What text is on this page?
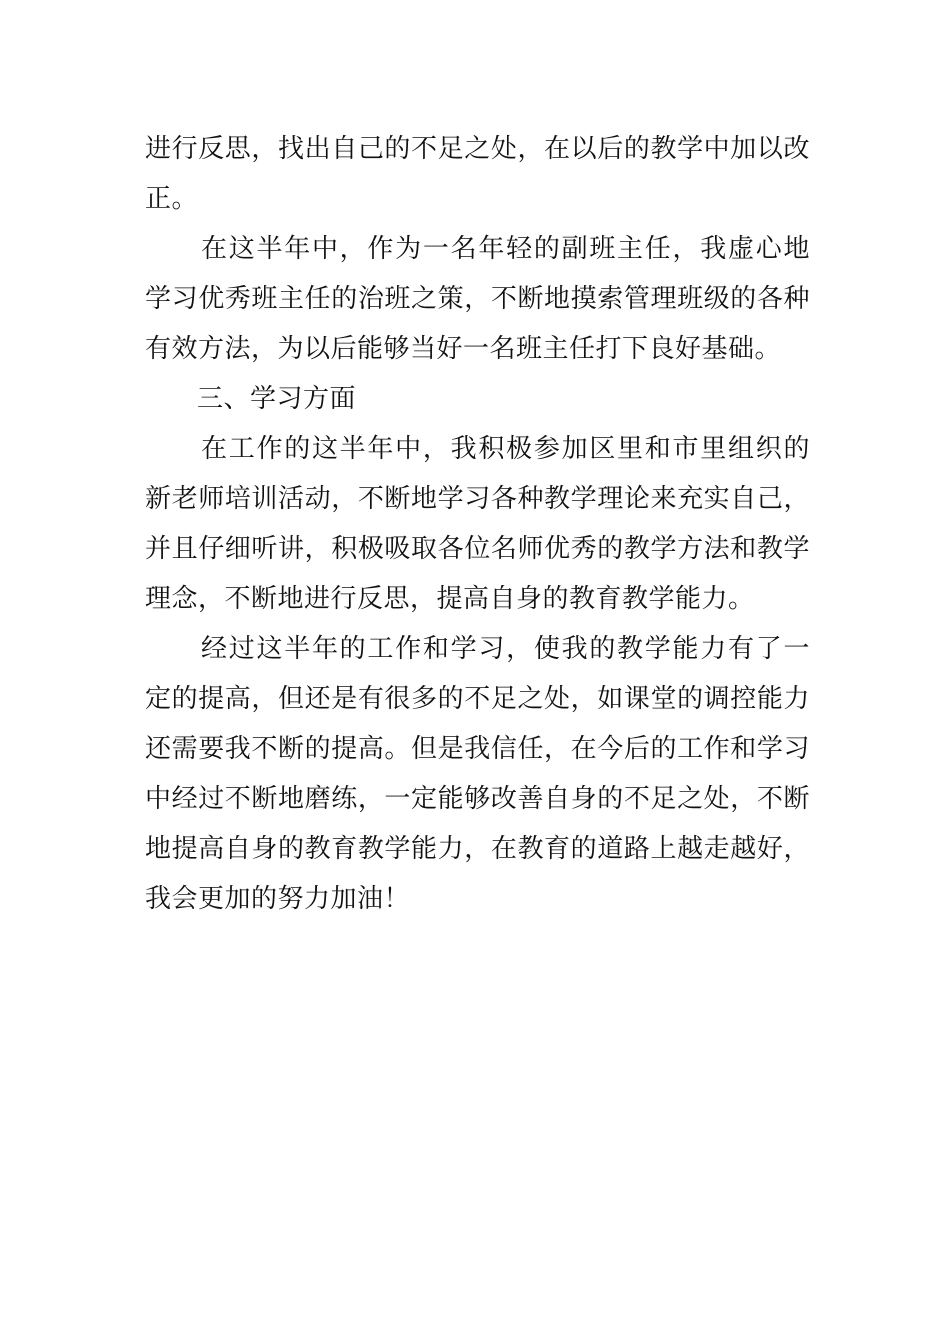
进行反思，找出自己的不足之处，在以后的教学中加以改正。

在这半年中，作为一名年轻的副班主任，我虚心地学习优秀班主任的治班之策，不断地摸索管理班级的各种有效方法，为以后能够当好一名班主任打下良好基础。

三、学习方面

在工作的这半年中，我积极参加区里和市里组织的新老师培训活动，不断地学习各种教学理论来充实自己，并且仔细听讲，积极吸取各位名师优秀的教学方法和教学理念，不断地进行反思，提高自身的教育教学能力。

经过这半年的工作和学习，使我的教学能力有了一定的提高，但还是有很多的不足之处，如课堂的调控能力还需要我不断的提高。但是我信任，在今后的工作和学习中经过不断地磨练，一定能够改善自身的不足之处，不断地提高自身的教育教学能力，在教育的道路上越走越好，我会更加的努力加油！
